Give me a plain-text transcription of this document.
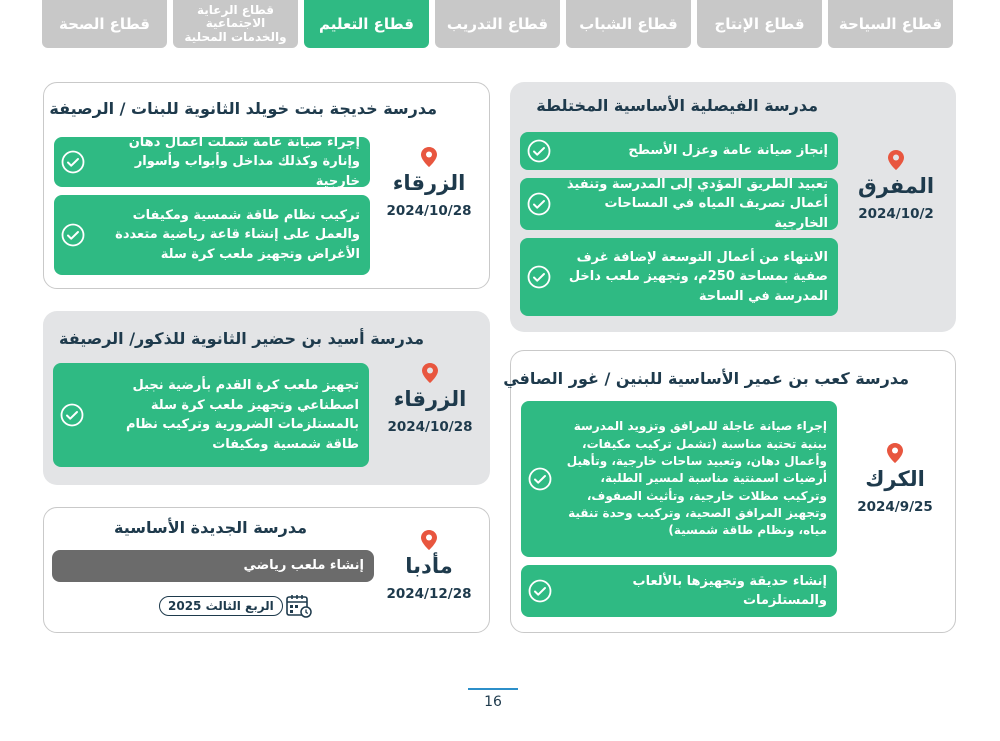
قطاع السياحة
قطاع الإنتاج
قطاع الشباب
قطاع التدريب
قطاع التعليم
قطاع الرعاية الاجتماعية والخدمات المحلية
قطاع الصحة
مدرسة الفيصلية الأساسية المختلطة
المفرق
2024/10/2
إنجاز صيانة عامة وعزل الأسطح
تعبيد الطريق المؤدي إلى المدرسة وتنفيذ أعمال تصريف المياه في المساحات الخارجية
الانتهاء من أعمال التوسعة لإضافة غرف صفية بمساحة 250م، وتجهيز ملعب داخل المدرسة في الساحة
مدرسة خديجة بنت خويلد الثانوية للبنات / الرصيفة
الزرقاء
2024/10/28
إجراء صيانة عامة شملت أعمال دهان وإنارة وكذلك مداخل وأبواب وأسوار خارجية
تركيب نظام طاقة شمسية ومكيفات والعمل على إنشاء قاعة رياضية متعددة الأغراض وتجهيز ملعب كرة سلة
مدرسة أسيد بن حضير الثانوية للذكور/ الرصيفة
الزرقاء
2024/10/28
تجهيز ملعب كرة القدم بأرضية نجيل اصطناعي وتجهيز ملعب كرة سلة بالمستلزمات الضرورية وتركيب نظام طاقة شمسية ومكيفات
مدرسة كعب بن عمير الأساسية للبنين / غور الصافي
الكرك
2024/9/25
إجراء صيانة عاجلة للمرافق وتزويد المدرسة ببنية تحتية مناسبة (تشمل تركيب مكيفات، وأعمال دهان، وتعبيد ساحات خارجية، وتأهيل أرضيات اسمنتية مناسبة لمسير الطلبة، وتركيب مظلات خارجية، وتأثيث الصفوف، وتجهيز المرافق الصحية، وتركيب وحدة تنقية مياه، ونظام طاقة شمسية)
إنشاء حديقة وتجهيزها بالألعاب والمستلزمات
مدرسة الجديدة الأساسية
مأدبا
2024/12/28
إنشاء ملعب رياضي
الربع الثالث 2025
16
